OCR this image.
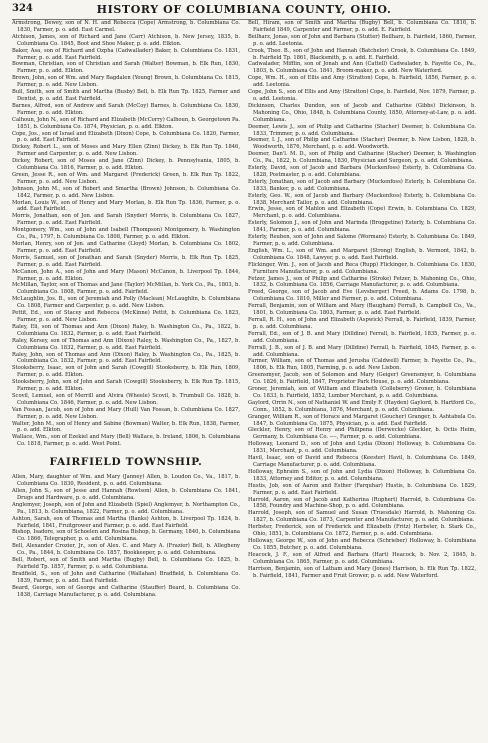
324	HISTORY OF COLUMBIANA COUNTY, OHIO.

Armstrong, Dewey, son of N. H. and Rebecca (Cope) Armstrong, b. Columbiana Co. 1830, Farmer, p. o. add. East Carmel.

Atchison, James, son of Richard and Jane (Carr) Atchison, b. New Jersey, 1835, b. Columbiana Co. 1845, Boot and Shoe Maker, p. o. add. Elkton.

Baker, Asa, son of Richard and Ozpha (Cadwallader) Baker, b. Columbiana Co. 1831, Farmer, p. o. add. East Fairfield.

Bowman, Christian, son of Christian and Sarah (Walter) Bowman, b. Elk Run, 1830, Farmer, p. o. add. Elkton.

Brown, John, son of Wm. and Mary Bagdalen (Young) Brown, b. Columbiana Co. 1815, Farmer, p. o. add. New Lisbon.

Bull, Smith, son of Smith and Martha (Busby) Bell, b. Elk Run Tp. 1825, Farmer and Dentist, p. o. add. East Fairfield.

Barnes, Alfred, son of Andrew and Sarah (McCoy) Barnes, b. Columbiana Co. 1830, Farmer, p. o. add. Elkton.

Calhoun, John N., son of Richard and Elizabeth (McCorry) Calhoun, b. Georgetown Pa. 1851, b. Columbiana Co. 1874, Physician, p. o. add. Elkton.

Cope, Jos., son of Israel and Elizabeth (Dixon) Cope, b. Columbiana Co. 1820, Farmer, p. o. add. East Fairfield.

Dickey, Robert L., son of Moses and Mary Ellen (Zinn) Dickey, b. Elk Run Tp. 1846, Farmer and Carpenter, p. o. add. New Lisbon.

Dickey, Robert, son of Moses and Jane (Zinn) Dickey, b. Pennsylvania, 1805, b. Columbiana Co. 1816, Farmer, p. o. add. Elkton.

Green, Jesse R., son of Wm. and Margaret (Frederick) Green, b. Elk Run Tp. 1822, Farmer, p. o. add. New Lisbon.

Johnson, John M., son of Robert and Smartha (Brown) Johnson, b. Columbiana Co. 1842, Farmer, p. o. add. New Lisbon.

Morlan, Louis W., son of Henry and Mary Morlan, b. Elk Run Tp. 1836, Farmer, p. o. add. East Fairfield.

Morris, Jonathan, son of Jon. and Sarah (Snyder) Morris, b. Columbiana Co. 1827, Farmer, p. o. add. East Fairfield.

Montgomery, Wm., son of John and Isabell (Thompson) Montgomery, b. Washington Co., Pa., 1797, b. Columbiana Co. 1808, Farmer, p. o. add. Elkton.

Morlan, Henry, son of Jon. and Catharine (Lloyd) Morlan, b. Columbiana Co. 1802, Farmer, p. o. add. East Fairfield.

Morris, Samuel, son of Jonathan and Sarah (Snyder) Morris, b. Elk Run Tp. 1825, Farmer, p. o. add. East Fairfield.

McCanon, John A., son of John and Mary (Mason) McCanon, b. Liverpool Tp. 1844, Farmer, p. o. add. Elkton.

McMillan, Taylor, son of Thomas and Jane (Taylor) McMillan, b. York Co., Pa., 1803, b. Columbiana Co. 1808, Farmer, p. o. add. Fairfield.

McLaughlin, Jos. B., son of Jeremiah and Polly (Maclean) McLaughlin, b. Columbiana Co. 1808, Farmer and Carpenter, p. o. add. New Lisbon.

Pettit, Ed., son of Stacey and Rebecca (McKinne) Pettit, b. Columbiana Co. 1823, Farmer, p. o. add. New Lisbon.

Raley, Eli, son of Thomas and Ann (Dixon) Raley, b. Washington Co., Pa., 1822, b. Columbiana Co. 1832, Farmer, p. o. add. East Fairfield.

Raley, Kersey, son of Thomas and Ann (Dixon) Raley, b. Washington Co., Pa., 1827, b. Columbiana Co. 1832, Farmer, p. o. add. East Fairfield.

Raley, John, son of Thomas and Ann (Dixon) Raley, b. Washington Co., Pa., 1825, b. Columbiana Co. 1832, Farmer, p. o. add. East Fairfield.

Stooksberry, Isaac, son of John and Sarah (Cowgill) Stooksberry, b. Elk Run, 1809, Farmer, p. o. add. Elkton.

Stooksberry, John, son of John and Sarah (Cowgill) Stooksberry, b. Elk Run Tp. 1815, Farmer, p. o. add. Elkton.

Scovil, Lemuel, son of Merrill and Alvira (Wheele) Scovil, b. Trumbull Co. 1828, b. Columbiana Co. 1846, Farmer, p. o. add. New Lisbon.

Van Fossan, Jacob, son of John and Mary (Hull) Van Fossan, b. Columbiana Co. 1827, Farmer, p. o. add. New Lisbon.

Walter, John M., son of Henry and Sabine (Bowman) Walter, b. Elk Run, 1838, Farmer, p. o. add. Elkton.

Wallace, Wm., son of Ezekiel and Mary (Bell) Wallace, b. Ireland, 1806, b. Columbiana Co. 1818, Farmer, p. o. add. West Point.

FAIRFIELD TOWNSHIP.

Allen, Mary, daughter of Wm. and Mary (Janney) Allen, b. Loudon Co., Va., 1817, b. Columbiana Co. 1830, Resident, p. o. add. Columbiana.

Allen, John S., son of Jesse and Hannah (Rowlson) Allen, b. Columbiana Co. 1841, Drugs and Hardware, p. o. add. Columbiana.

Anglemyer, Joseph, son of John and Elizabeth (Spiel) Anglemyer, b. Northampton Co., Pa., 1813, b. Columbiana, 1822, Farmer, p. o. add. Columbiana.

Ashton, Sarah, son of Thomas and Martha (Banks) Ashton, b. Liverpool Tp. 1824, b. Fairfield, 1841, Fruitgrower and Farmer, p. o. add. East Fairfield.

Bishop, Isadore, son of Schoelen and Rosina Bishop, b. Germany, 1840, b. Columbiana Co. 1866, Telegrapher, p. o. add. Columbiana.

Bell, Alexander Crozier, Jr., son of Alex. C. and Mary A. (Frazier) Bell, b. Allegheny Co., Pa., 1844, b. Columbiana Co. 1857, Bookkeeper, p. o. add. Columbiana.

Bell, Robert, son of Smith and Martha (Bugby) Bell, b. Columbiana Co. 1825, b. Fairfield Tp. 1857, Farmer, p. o. add. Columbiana.

Bradfield, S., son of John and Catharine (Wallahan) Bradfield, b. Columbiana Co. 1839, Farmer, p. o. add. East Fairfield.

Beard, George, son of George and Catharine (Stauffer) Beard, b. Columbiana Co. 1838, Carriage Manufacturer, p. o. add. Columbiana.

Bell, Hiram, son of Smith and Martha (Bugby) Bell, b. Columbiana Co. 1816, b. Fairfield 1849, Carpenter and Farmer, p. o. add. E. Fairfield.

Beilharz, Jonas, son of John and Barbara (Stutter) Beilharz, b. Fairfield, 1860, Farmer, p. o. add. Leetonia.

Crook, Theo. B., son of John and Hannah (Batchelor) Crook, b. Columbiana Co. 1849, b. Fairfield Tp. 1861, Blacksmith, p. o. add. E. Fairfield.

Cadwalader, Mifflin, son of Jonah and Ann (Cattell) Cadwalader, b. Fayette Co., Pa., 1803, b. Columbiana Co. 1841, Broom-maker, p. o. add. New Waterford.

Cope, Wm. H., son of Ellis and Amy (Stratton) Cope, b. Fairfield, 1856, Farmer, p. o. add. Leetonia.

Cope, John S., son of Ellis and Amy (Stratton) Cope, b. Fairfield, Nov. 1879, Farmer, p. o. add. Leetonia.

Dickinson, Charles Dundon, son of Jacob and Catharine (Gibbs) Dickinson, b. Mahoning Co., Ohio, 1848, b. Columbiana County, 1850, Attorney-at-Law, p. o. add. Columbiana.

Deemer, Lewis J., son of Philip and Catharine (Stacher) Deemer, b. Columbiana Co. 1833, Trimmer, p. o. add. Columbiana.

Deemer, I. J., son of Philip and Catharine (Stacher) Deemer, b. New Lisbon, 1828, b. Woodworth, 1876, Merchant, p. o. add. Woodworth.

Deemer, Dan'l. M. D., son of Philip and Catharine (Stacher) Deemer, b. Washington Co., Pa., 1822, b. Columbiana, 1830, Physician and Surgeon, p. o. add. Columbiana.

Esterly, David, son of Jacob and Barbara (Muckenfoss) Esterly, b. Columbiana Co. 1828, Postmaster, p. o. add. Columbiana.

Esterly, Jonathan, son of Jacob and Barbary (Muckenfoss) Esterly, b. Columbiana Co. 1833, Banker, p. o. add. Columbiana.

Esterly, Geo. W., son of Jacob and Barbary (Muckenfoss) Esterly, b. Columbiana Co. 1838, Merchant Tailor, p. o. add. Columbiana.

Erwin, Jesse, son of Mahlon and Elizabeth (Cope) Erwin, b. Columbiana Co. 1829, Merchant, p. o. add. Columbiana.

Esterly, Solomon J., son of John and Marinda (Broggetine) Esterly, b. Columbiana Co. 1841, Farmer, p. o. add. Columbiana.

Esterly, Reuben, son of John and Salome (Wormans) Esterly, b. Columbiana Co. 1849, Farmer, p. o. add. Columbiana.

English, Wm. L., son of Wm. and Margaret (Strong) English, b. Vermont, 1842, b. Columbiana Co. 1848, Lawyer, p. o. add. East Fairfield.

Flickinger, Wm. J., son of Jacob and Reca (Rupp) Flickinger, b. Columbiana Co. 1830, Furniture Manufacturer, p. o. add. Columbiana.

Fetzer, James J., son of Philip and Catharine (Stroke) Fetzer, b. Mahoning Co., Ohio, 1832, b. Columbiana Co. 1856, Carriage Manufacturer, p. o. add. Columbiana.

Freed, George, son of Jacob and Eve (Levsberger) Freed, b. Adams Co. 1798, b. Columbiana Co. 1810, Miller and Farmer, p. o. add. Columbiana.

Ferrall, Benjamin, son of William and Mary (Baugham) Ferrall, b. Campbell Co., Va., 1801, b. Columbiana Co. 1803, Farmer, p. o. add. East Fairfield.

Ferrall, R. H., son of John and Elizabeth (Aspwick) Ferrall, b. Fairfield, 1839, Farmer, p. o. add. Columbiana.

Ferrall, Ed., son of J. B. and Mary (Dilldine) Ferrall, b. Fairfield, 1835, Farmer, p. o. add. Columbiana.

Ferrall, J. B., son of J. B. and Mary (Dilldine) Ferrall, b. Fairfield, 1845, Farmer, p. o. add. Columbiana.

Farmer, William, son of Thomas and Jerusha (Caldwell) Farmer, b. Fayette Co., Pa., 1806, b. Elk Run, 1805, Farming, p. o. add. New Lisbon.

Greensmyer, Jacob, son of Solomon and Mary (Geiger) Greensmyer, b. Columbiana Co. 1826, b. Fairfield, 1847, Proprietor Park House, p. o. add. Columbiana.

Groner, Jeremiah, son of William and Elizabeth (Colleberry) Groner, b. Columbiana Co. 1833, b. Fairfield, 1852, Lumber Merchant, p. o. add. Columbiana.

Gaylord, Orrin N., son of Nathaniel W. and Emily F. (Hayden) Gaylord, b. Hartford Co., Conn., 1852, b. Columbiana, 1876, Merchant, p. o. add. Columbiana.

Granger, William R., son of Horace and Margaret (Goucher) Granger, b. Ashtabula Co. 1847, b. Columbiana Co. 1875, Physician, p. o. add. East Fairfield.

Gleckler, Henry, son of Henry and Philipena (Derwecke) Gleckler, b. Octis Heim, Germany, b. Columbiana Co. ----, Farmer, p. o. add. Columbiana.

Holloway, Leonard D., son of John and Lydia (Dixon) Holloway, b. Columbiana Co. 1831, Merchant, p. o. add. Columbiana.

Havil, Isaac, son of David and Rebecca (Keester) Havil, b. Columbiana Co. 1849, Carriage Manufacturer, p. o. add. Columbiana.

Holloway, Ephraim S., son of John and Lydia (Dixon) Holloway, b. Columbiana Co. 1833, Attorney and Editor, p. o. add. Columbiana.

Hustis, Job, son of Aaron and Esther (Farquhar) Hustis, b. Columbiana Co. 1829, Farmer, p. o. add. East Fairfield.

Harrold, Aaron, son of Jacob and Katherina (Ruphert) Harrold, b. Columbiana Co. 1858, Foundry and Machine-Shop, p. o. add. Columbiana.

Harrold, Joseph, son of Samuel and Susan (Truesdale) Harrold, b. Mahoning Co. 1827, b. Columbiana Co. 1873, Carpenter and Manufacturer, p. o. add. Columbiana.

Herbster, Frederick, son of Frederick and Elizabeth (Fritz) Herbster, b. Stark Co., Ohio, 1851, b. Columbiana Co. 1872, Farmer, p. o. add. Columbiana.

Holloway, George W., son of John and Rebecca (Schrieber) Holloway, b. Columbiana Co. 1855, Butcher, p. o. add. Columbiana.

Heacock, J. F., son of Alfred and Barbara (Hart) Heacock, b. Nov. 2, 1845, b. Columbiana Co. 1865, Farmer, p. o. add. Columbiana.

Harrison, Benjamin, son of Latham and Mary (Jones) Harrison, b. Elk Run Tp. 1822, b. Fairfield, 1841, Farmer and Fruit Grower, p. o. add. New Waterford.
